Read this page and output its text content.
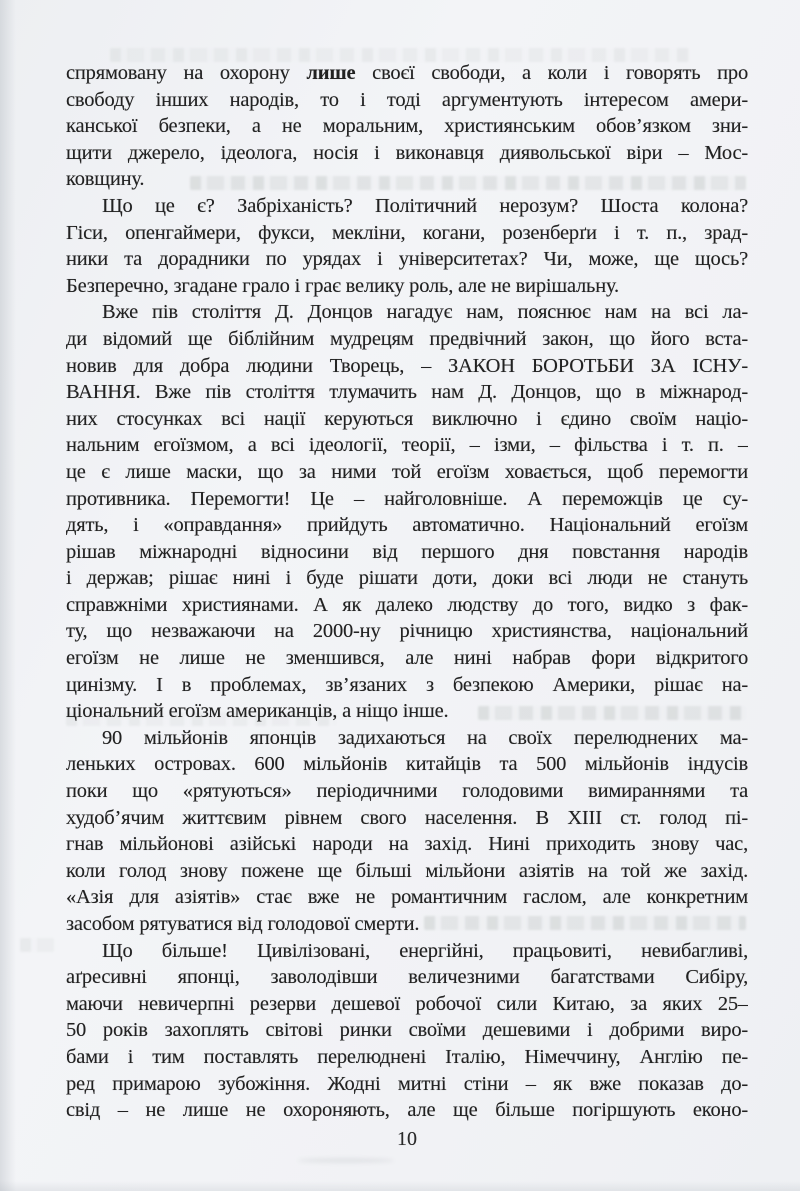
спрямовану на охорону лише своєї свободи, а коли і говорять про
свободу інших народів, то і тоді аргументують інтересом амери-
канської безпеки, а не моральним, християнським обов’язком зни-
щити джерело, ідеолога, носія і виконавця диявольської віри – Мос-
ковщину.
Що це є? Забріханість? Політичний нерозум? Шоста колона?
Гіси, опенгаймери, фукси, мекліни, когани, розенберґи і т. п., зрад-
ники та дорадники по урядах і університетах? Чи, може, ще щось?
Безперечно, згадане грало і грає велику роль, але не вирішальну.
Вже пів століття Д. Донцов нагадує нам, пояснює нам на всі ла-
ди відомий ще біблійним мудрецям предвічний закон, що його вста-
новив для добра людини Творець, – ЗАКОН БОРОТЬБИ ЗА ІСНУ-
ВАННЯ. Вже пів століття тлумачить нам Д. Донцов, що в міжнарод-
них стосунках всі нації керуються виключно і єдино своїм націо-
нальним егоїзмом, а всі ідеології, теорії, – ізми, – фільства і т. п. –
це є лише маски, що за ними той егоїзм ховається, щоб перемогти
противника. Перемогти! Це – найголовніше. А переможців це су-
дять, і «оправдання» прийдуть автоматично. Національний егоїзм
рішав міжнародні відносини від першого дня повстання народів
і держав; рішає нині і буде рішати доти, доки всі люди не стануть
справжніми християнами. А як далеко людству до того, видко з фак-
ту, що незважаючи на 2000-ну річницю християнства, національний
егоїзм не лише не зменшився, але нині набрав фори відкритого
цинізму. І в проблемах, зв’язаних з безпекою Америки, рішає на-
ціональний егоїзм американців, а ніщо інше.
90 мільйонів японців задихаються на своїх перелюднених ма-
леньких островах. 600 мільйонів китайців та 500 мільйонів індусів
поки що «рятуються» періодичними голодовими вимираннями та
худоб’ячим життєвим рівнем свого населення. В XIII ст. голод пі-
гнав мільйонові азійські народи на захід. Нині приходить знову час,
коли голод знову пожене ще більші мільйони азіятів на той же захід.
«Азія для азіятів» стає вже не романтичним гаслом, але конкретним
засобом рятуватися від голодової смерти.
Що більше! Цивілізовані, енергійні, працьовиті, невибагливі,
аґресивні японці, заволодівши величезними багатствами Сибіру,
маючи невичерпні резерви дешевої робочої сили Китаю, за яких 25–
50 років захоплять світові ринки своїми дешевими і добрими виро-
бами і тим поставлять перелюднені Італію, Німеччину, Англію пе-
ред примарою зубожіння. Жодні митні стіни – як вже показав до-
свід – не лише не охороняють, але ще більше погіршують еконо-
10
